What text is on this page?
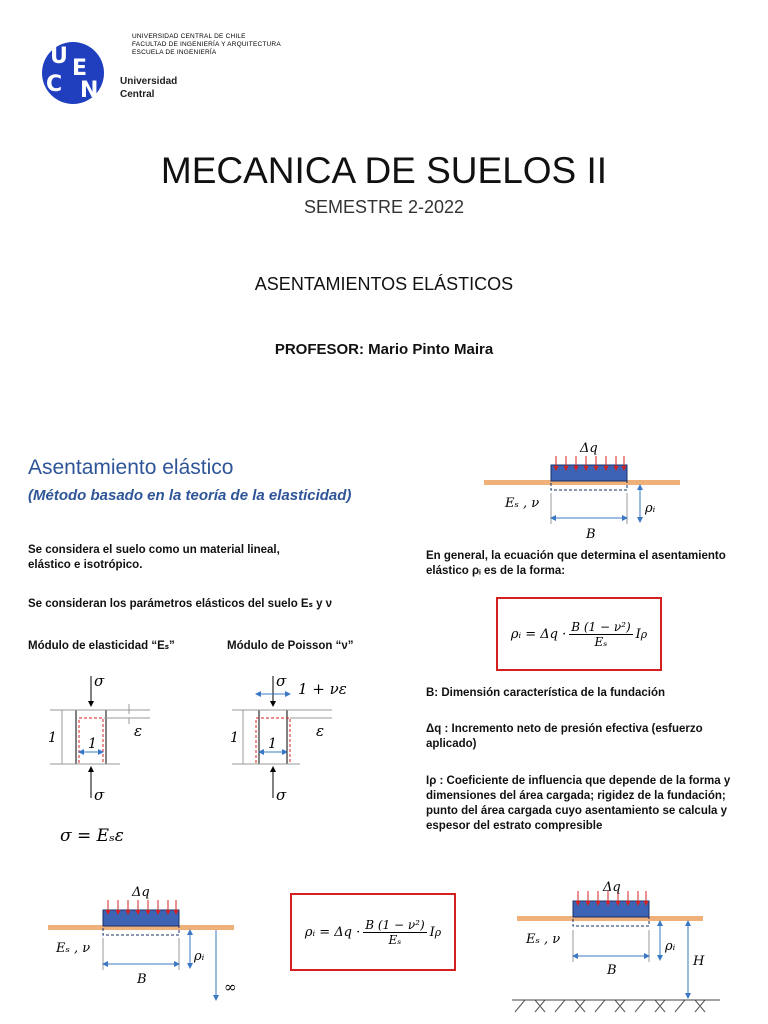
U
C
E
N
UNIVERSIDAD CENTRAL DE CHILE
FACULTAD DE INGENIERÍA Y ARQUITECTURA
ESCUELA DE INGENIERÍA
Universidad
Central
MECANICA DE SUELOS II
SEMESTRE 2-2022
ASENTAMIENTOS ELÁSTICOS
PROFESOR: Mario Pinto Maira
Asentamiento elástico
(Método basado en la teoría de la elasticidad)
Se considera el suelo como un material lineal, elástico e isotrópico.
Se consideran los parámetros elásticos del suelo Eₛ y ν
Módulo de elasticidad “Eₛ”	Módulo de Poisson “ν”
σ = Eₛε
En general, la ecuación que determina el asentamiento elástico ρᵢ es de la forma:
ρᵢ = $\Delta q \cdot \frac{\text{B (1 − ν²)}}{\text{Eₛ}}$ I ρ
B: Dimensión característica de la fundación
Δq : Incremento neto de presión efectiva (esfuerzo aplicado)
Iρ : Coeficiente de influencia que depende de la forma y dimensiones del área cargada; rigidez de la fundación; punto del área cargada cuyo asentamiento se calcula y espesor del estrato compresible
ρᵢ = $\Delta q \cdot \frac{\text{B (1 − ν²)}}{\text{Eₛ}}$ I ρ
σ
σ
1 1
ε
σ
σ
1 + νε
1 1
ε
Δq
Eₛ , ν	ρᵢ
B
Δq
Eₛ , ν
ρᵢ
B	∞
Δq
Eₛ , ν	ρᵢ
B
H
